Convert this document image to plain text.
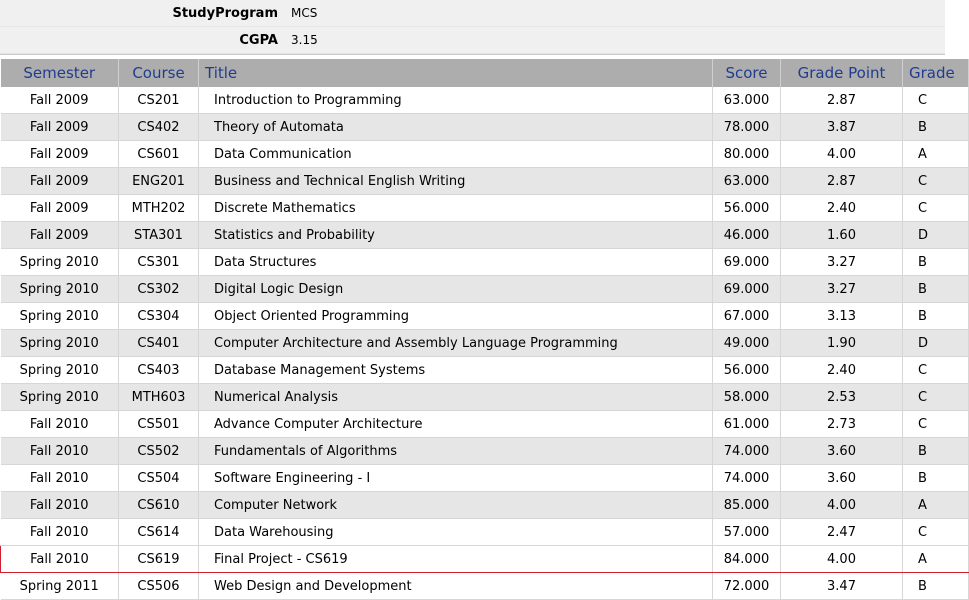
StudyProgram	MCS
CGPA	3.15
Semester	Course	Title	Score	Grade Point	Grade
Fall 2009	CS201	Introduction to Programming	63.000	2.87	C
Fall 2009	CS402	Theory of Automata	78.000	3.87	B
Fall 2009	CS601	Data Communication	80.000	4.00	A
Fall 2009	ENG201	Business and Technical English Writing	63.000	2.87	C
Fall 2009	MTH202	Discrete Mathematics	56.000	2.40	C
Fall 2009	STA301	Statistics and Probability	46.000	1.60	D
Spring 2010	CS301	Data Structures	69.000	3.27	B
Spring 2010	CS302	Digital Logic Design	69.000	3.27	B
Spring 2010	CS304	Object Oriented Programming	67.000	3.13	B
Spring 2010	CS401	Computer Architecture and Assembly Language Programming	49.000	1.90	D
Spring 2010	CS403	Database Management Systems	56.000	2.40	C
Spring 2010	MTH603	Numerical Analysis	58.000	2.53	C
Fall 2010	CS501	Advance Computer Architecture	61.000	2.73	C
Fall 2010	CS502	Fundamentals of Algorithms	74.000	3.60	B
Fall 2010	CS504	Software Engineering - I	74.000	3.60	B
Fall 2010	CS610	Computer Network	85.000	4.00	A
Fall 2010	CS614	Data Warehousing	57.000	2.47	C
Fall 2010	CS619	Final Project - CS619	84.000	4.00	A
Spring 2011	CS506	Web Design and Development	72.000	3.47	B
